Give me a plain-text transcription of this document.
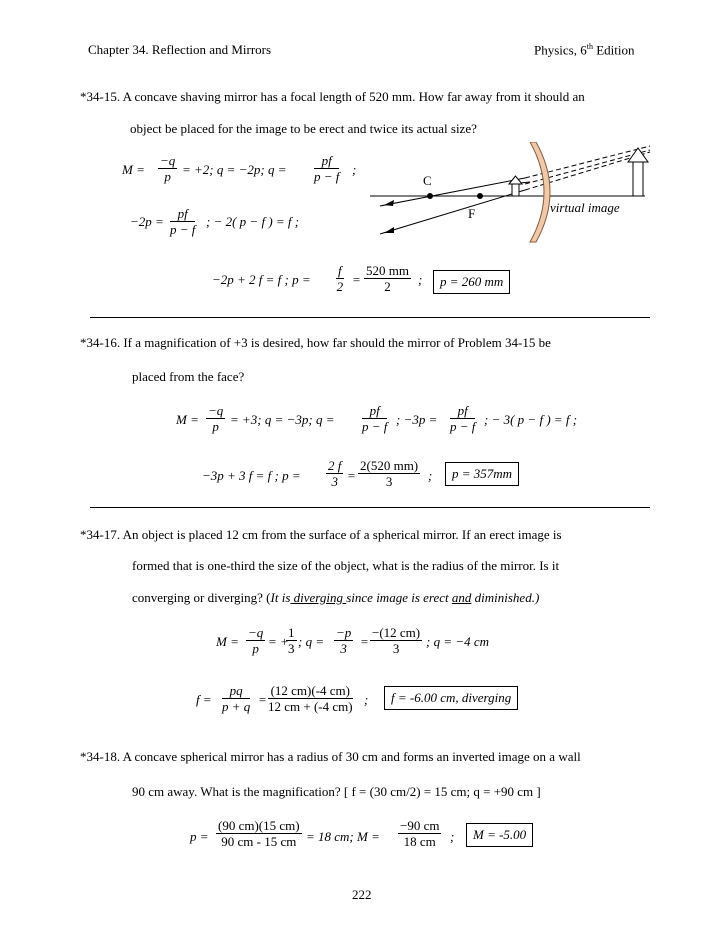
Chapter 34. Reflection and Mirrors	Physics, 6th Edition
*34-15. A concave shaving mirror has a focal length of 520 mm. How far away from it should an
object be placed for the image to be erect and twice its actual size?
$M = \frac{-q}{p} = +2$; q = −2p; $q = \frac{pf}{p - f}$ ;
$-2p = \frac{pf}{p - f}$ ; − 2( p − f ) = f ;
−2p + 2 f = f ; $p = \frac{f}{2} = \frac{520 mm}{2}$ ;	p = 260 mm
C
F	virtual image
*34-16. If a magnification of +3 is desired, how far should the mirror of Problem 34-15 be
placed from the face?
$M = \frac{-q}{p} = +3$; q = −3p; $q = \frac{pf}{p - f}$ ; $-3p = \frac{pf}{p - f}$ ; − 3( p − f ) = f ;
−3p + 3 f = f ; $p = \frac{2 f}{3} = \frac{2(520 mm)}{3}$ ;	p = 357mm
*34-17. An object is placed 12 cm from the surface of a spherical mirror. If an erect image is
formed that is one-third the size of the object, what is the radius of the mirror. Is it
converging or diverging? (It is diverging since image is erect and diminished.)
$M = \frac{-q}{p}$ = +
$\frac{1}{3}$ ; $q = \frac{-p}{3} = \frac{-(12 cm)}{3}$ ; q = −4 cm
$f = \frac{pq}{p + q} = \frac{(12 cm)(-4 cm)}{12 cm + (-4 cm)}$ ;	f = -6.00 cm, diverging
*34-18. A concave spherical mirror has a radius of 30 cm and forms an inverted image on a wall
90 cm away. What is the magnification? [ f = (30 cm/2) = 15 cm; q = +90 cm ]
$p = \frac{(90 cm)(15 cm)}{90 cm - 15 cm} = 18$ cm; $M = \frac{-90 cm}{18 cm}$ ;	M = -5.00
222
